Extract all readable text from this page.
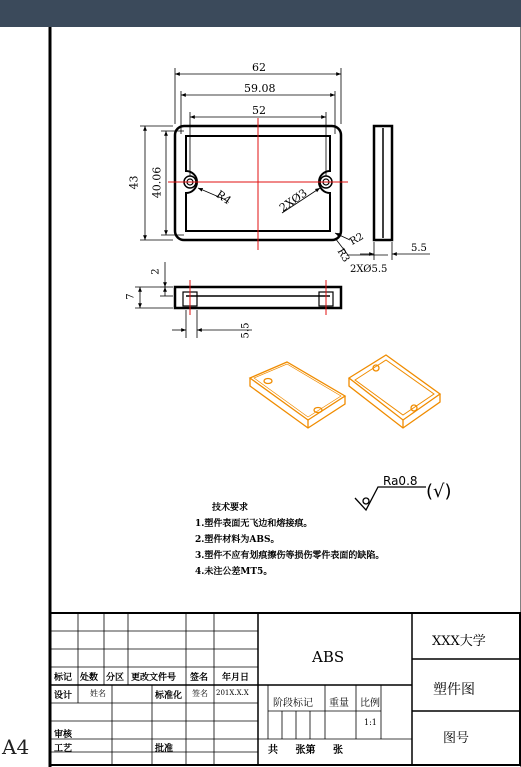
62
59.08
52
43 40.06	R4	2XØ3
R2
R3
2XØ5.5
5.5
2
7
5.5
Ra0.8 (√)
技术要求
1.塑件表面无飞边和熔接痕。
2.塑件材料为ABS。
3.塑件不应有划痕擦伤等损伤零件表面的缺陷。
4.未注公差MT5。
ABS
XXX大学
塑件图
图号
标记 处数 分区 更改文件号 签名 年月日
设计 姓名	标准化 签名 201X.X.X
阶段标记 重量 比例
1:1
审核
工艺	批准	共 张第 张
A4
